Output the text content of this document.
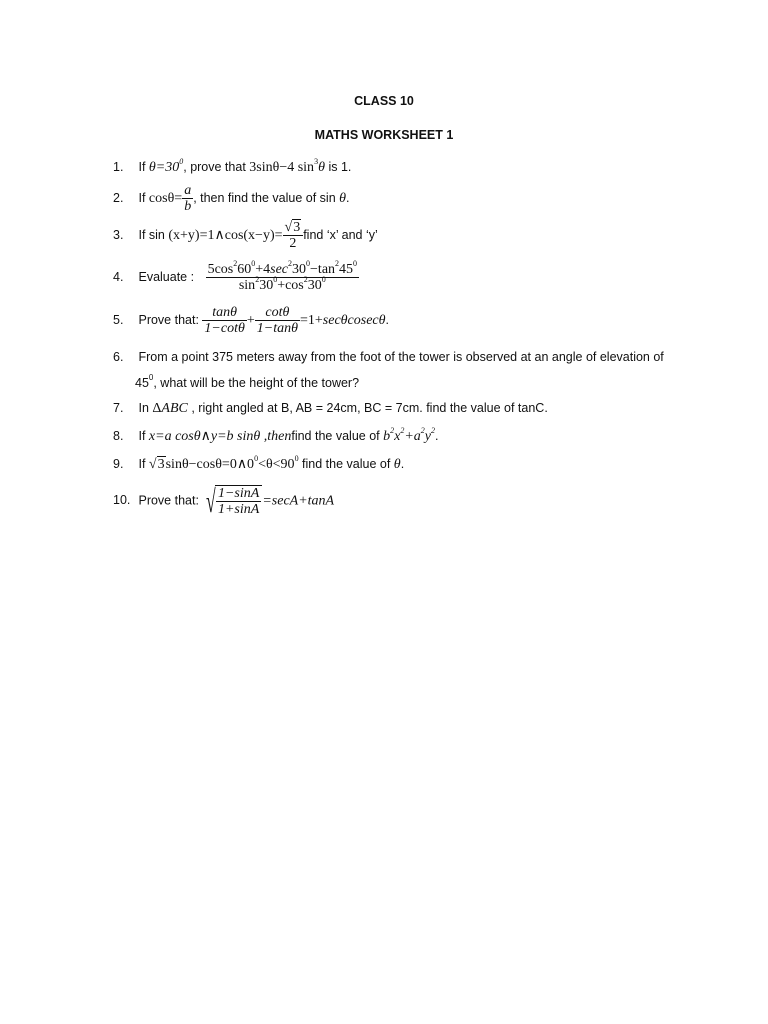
CLASS 10
MATHS WORKSHEET 1
1. If $\theta=30^0$, prove that 3sinθ−4 $\sin^3\theta$ is 1.
2. If $\cos\theta= \frac{a}{b}$ , then find the value of sin θ.
3. If sin (x+y)=1∧cos(x−y)= $\frac{√3}{2}$ find ‘x’ and ‘y’
4. Evaluate : $\frac{5\cos^260^0+4\sec^230^0-\tan^245^0}{\sin^230^0+\cos^230^0}$
5. Prove that: $\frac{\tan\theta}{1-\cot\theta} + \frac{\cot\theta}{1-\tan\theta} =1+\sec\theta cosec\theta$.
6. From a point 375 meters away from the foot of the tower is observed at an angle of elevation of
$45^0$, what will be the height of the tower?
7. In ΔABC , right angled at B, AB = 24cm, BC = 7cm. find the value of tanC.
8. If x=a cosθ∧y=b sinθ ,thenfind the value of $b^2x^2+a^2y^2$.
9. If $√3\sin\theta-\cos\theta=0\wedge 0^0<\theta<90^0$ find the value of θ.
10. Prove that: √ $\frac{1-\sin A}{1+\sin A} =\sec A+\tan A$
